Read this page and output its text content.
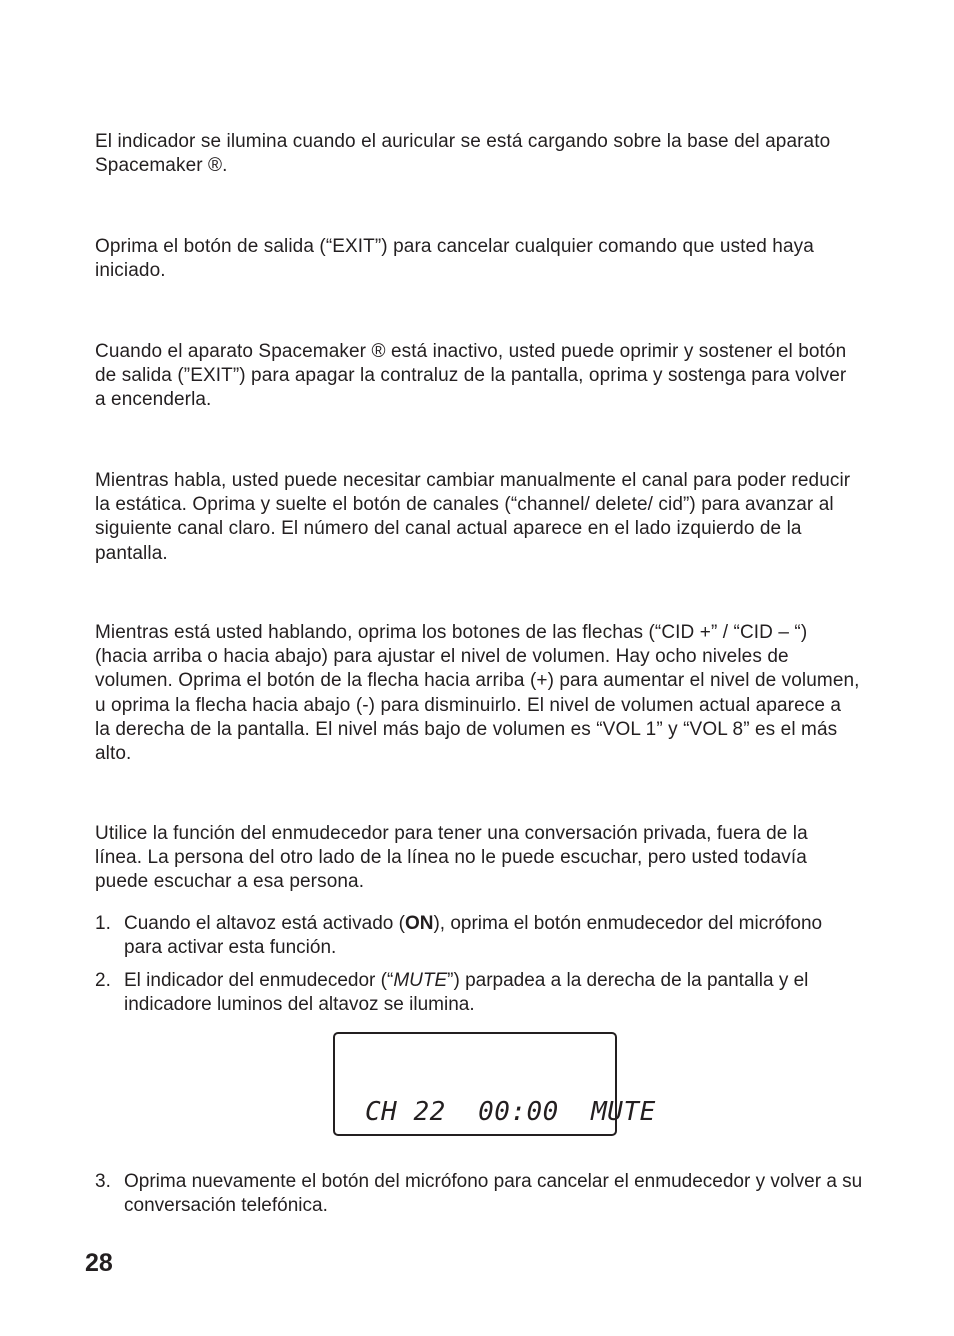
El indicador se ilumina cuando el auricular se está cargando sobre la base del aparato Spacemaker ®.

Oprima el botón de salida (“EXIT”) para cancelar cualquier comando que usted haya iniciado.

Cuando el aparato Spacemaker ® está inactivo, usted puede oprimir y sostener el botón de salida (”EXIT”) para apagar la contraluz de la pantalla, oprima y sostenga para volver a encenderla.

Mientras habla, usted puede necesitar cambiar manualmente el canal para poder reducir la estática. Oprima y suelte el botón de canales (“channel/ delete/ cid”) para avanzar al siguiente canal claro. El número del canal actual aparece en el lado izquierdo de la pantalla.

Mientras está usted hablando, oprima los botones de las flechas (“CID +” / “CID – “) (hacia arriba o hacia abajo) para ajustar el nivel de volumen. Hay ocho niveles de volumen. Oprima el botón de la flecha hacia arriba (+) para aumentar el nivel de volumen, u oprima la flecha hacia abajo (-) para disminuirlo. El nivel de volumen actual aparece a la derecha de la pantalla. El nivel más bajo de volumen es “VOL 1” y “VOL 8” es el más alto.

Utilice la función del enmudecedor para tener una conversación privada, fuera de la línea. La persona del otro lado de la línea no le puede escuchar, pero usted todavía puede escuchar a esa persona.

1. Cuando el altavoz está activado (ON), oprima el botón enmudecedor del micrófono para activar esta función.
2. El indicador del enmudecedor (“MUTE”) parpadea a la derecha de la pantalla y el indicadore luminos del altavoz se ilumina.
CH 22  00:00  MUTE
3. Oprima nuevamente el botón del micrófono para cancelar el enmudecedor y volver a su conversación telefónica.

28
